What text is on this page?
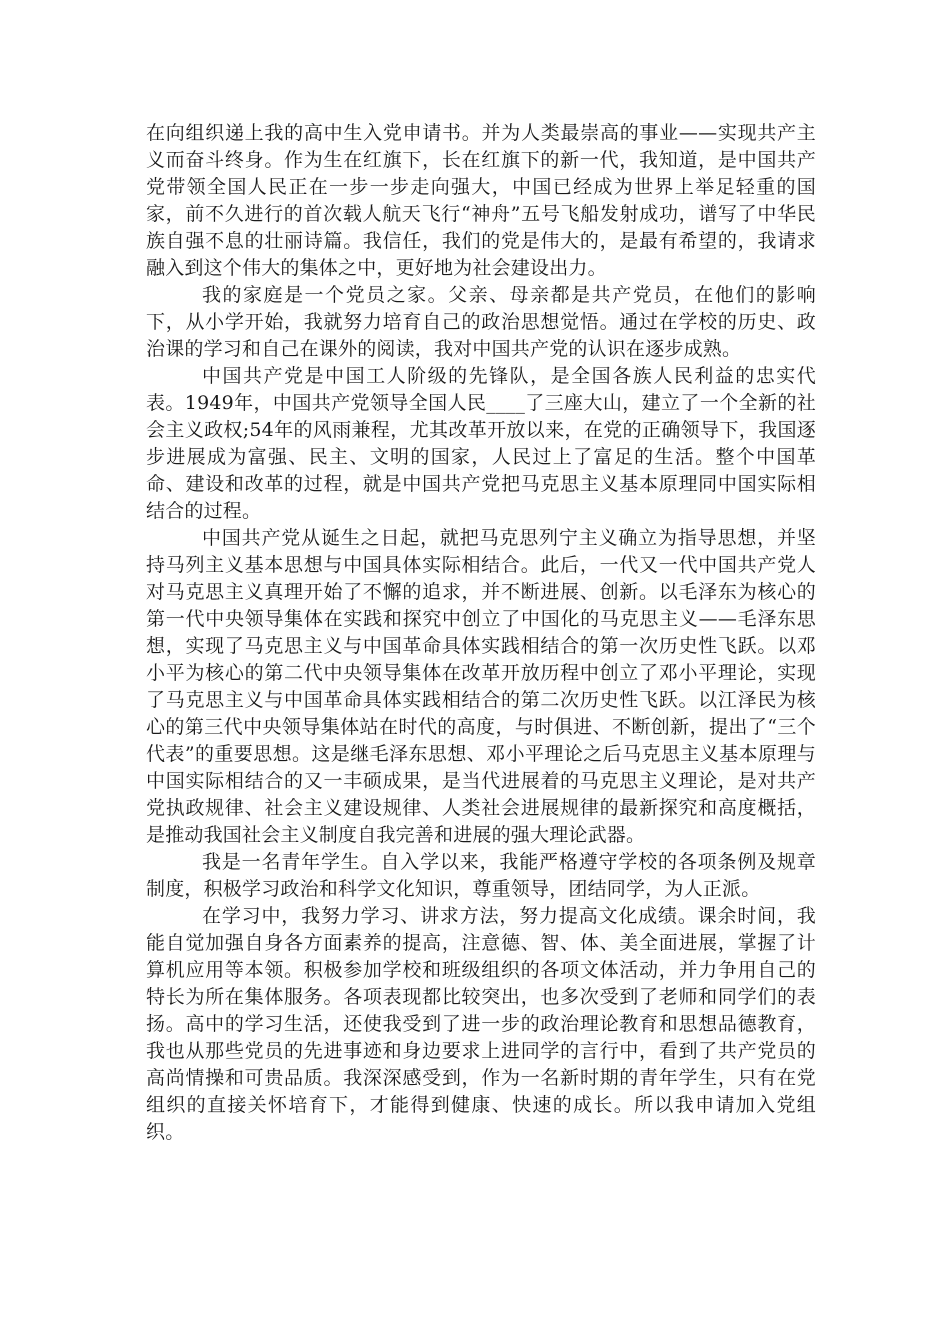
在向组织递上我的高中生入党申请书。并为人类最崇高的事业——实现共产主义而奋斗终身。作为生在红旗下，长在红旗下的新一代，我知道，是中国共产党带领全国人民正在一步一步走向强大，中国已经成为世界上举足轻重的国家，前不久进行的首次载人航天飞行“神舟”五号飞船发射成功，谱写了中华民族自强不息的壮丽诗篇。我信任，我们的党是伟大的，是最有希望的，我请求融入到这个伟大的集体之中，更好地为社会建设出力。

我的家庭是一个党员之家。父亲、母亲都是共产党员，在他们的影响下，从小学开始，我就努力培育自己的政治思想觉悟。通过在学校的历史、政治课的学习和自己在课外的阅读，我对中国共产党的认识在逐步成熟。

中国共产党是中国工人阶级的先锋队，是全国各族人民利益的忠实代表。1949年，中国共产党领导全国人民____了三座大山，建立了一个全新的社会主义政权;54年的风雨兼程，尤其改革开放以来，在党的正确领导下，我国逐步进展成为富强、民主、文明的国家，人民过上了富足的生活。整个中国革命、建设和改革的过程，就是中国共产党把马克思主义基本原理同中国实际相结合的过程。

中国共产党从诞生之日起，就把马克思列宁主义确立为指导思想，并坚持马列主义基本思想与中国具体实际相结合。此后，一代又一代中国共产党人对马克思主义真理开始了不懈的追求，并不断进展、创新。以毛泽东为核心的第一代中央领导集体在实践和探究中创立了中国化的马克思主义——毛泽东思想，实现了马克思主义与中国革命具体实践相结合的第一次历史性飞跃。以邓小平为核心的第二代中央领导集体在改革开放历程中创立了邓小平理论，实现了马克思主义与中国革命具体实践相结合的第二次历史性飞跃。以江泽民为核心的第三代中央领导集体站在时代的高度，与时俱进、不断创新，提出了“三个代表”的重要思想。这是继毛泽东思想、邓小平理论之后马克思主义基本原理与中国实际相结合的又一丰硕成果，是当代进展着的马克思主义理论，是对共产党执政规律、社会主义建设规律、人类社会进展规律的最新探究和高度概括，是推动我国社会主义制度自我完善和进展的强大理论武器。

我是一名青年学生。自入学以来，我能严格遵守学校的各项条例及规章制度，积极学习政治和科学文化知识，尊重领导，团结同学，为人正派。

在学习中，我努力学习、讲求方法，努力提高文化成绩。课余时间，我能自觉加强自身各方面素养的提高，注意德、智、体、美全面进展，掌握了计算机应用等本领。积极参加学校和班级组织的各项文体活动，并力争用自己的特长为所在集体服务。各项表现都比较突出，也多次受到了老师和同学们的表扬。高中的学习生活，还使我受到了进一步的政治理论教育和思想品德教育，我也从那些党员的先进事迹和身边要求上进同学的言行中，看到了共产党员的高尚情操和可贵品质。我深深感受到，作为一名新时期的青年学生，只有在党组织的直接关怀培育下，才能得到健康、快速的成长。所以我申请加入党组织。
